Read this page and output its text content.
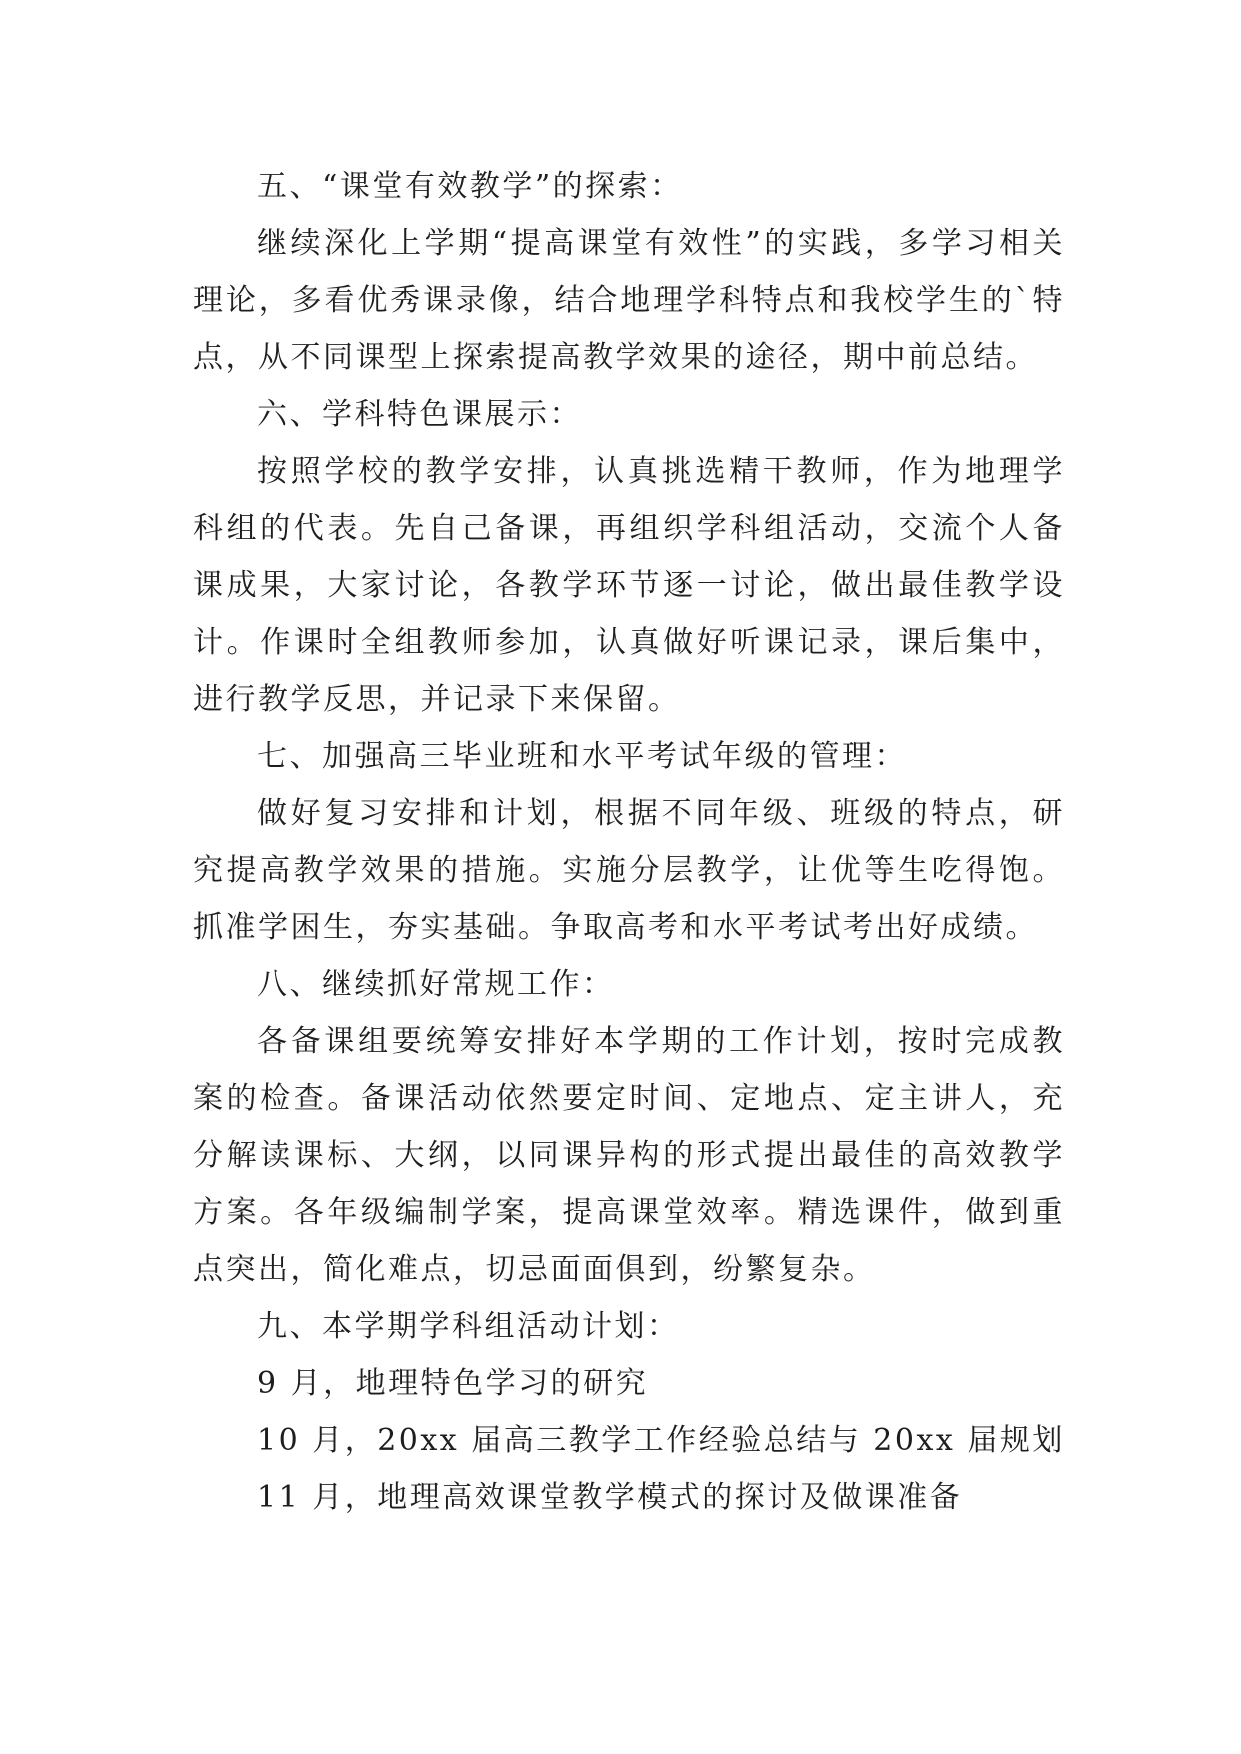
五、“课堂有效教学”的探索：

继续深化上学期“提高课堂有效性”的实践，多学习相关理论，多看优秀课录像，结合地理学科特点和我校学生的`特点，从不同课型上探索提高教学效果的途径，期中前总结。

六、学科特色课展示：

按照学校的教学安排，认真挑选精干教师，作为地理学科组的代表。先自己备课，再组织学科组活动，交流个人备课成果，大家讨论，各教学环节逐一讨论，做出最佳教学设计。作课时全组教师参加，认真做好听课记录，课后集中，进行教学反思，并记录下来保留。

七、加强高三毕业班和水平考试年级的管理：

做好复习安排和计划，根据不同年级、班级的特点，研究提高教学效果的措施。实施分层教学，让优等生吃得饱。抓准学困生，夯实基础。争取高考和水平考试考出好成绩。

八、继续抓好常规工作：

各备课组要统筹安排好本学期的工作计划，按时完成教案的检查。备课活动依然要定时间、定地点、定主讲人，充分解读课标、大纲，以同课异构的形式提出最佳的高效教学方案。各年级编制学案，提高课堂效率。精选课件，做到重点突出，简化难点，切忌面面俱到，纷繁复杂。

九、本学期学科组活动计划：

9 月，地理特色学习的研究

10 月，20xx 届高三教学工作经验总结与 20xx 届规划

11 月，地理高效课堂教学模式的探讨及做课准备
